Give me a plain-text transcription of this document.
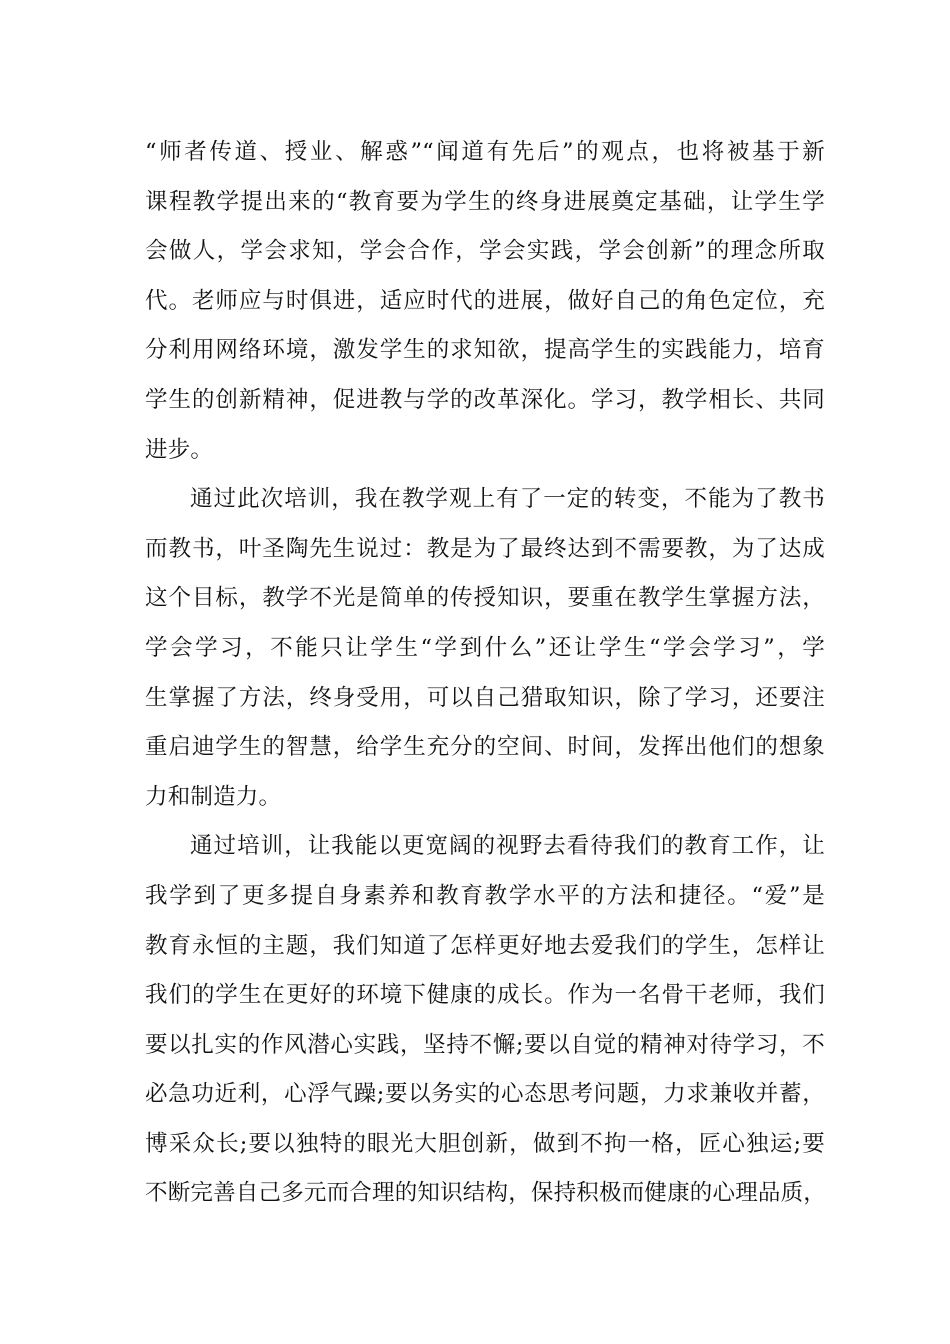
“师者传道、授业、解惑”“闻道有先后”的观点，也将被基于新
课程教学提出来的“教育要为学生的终身进展奠定基础，让学生学
会做人，学会求知，学会合作，学会实践，学会创新”的理念所取
代。老师应与时俱进，适应时代的进展，做好自己的角色定位，充
分利用网络环境，激发学生的求知欲，提高学生的实践能力，培育
学生的创新精神，促进教与学的改革深化。学习，教学相长、共同
进步。
通过此次培训，我在教学观上有了一定的转变，不能为了教书
而教书，叶圣陶先生说过：教是为了最终达到不需要教，为了达成
这个目标，教学不光是简单的传授知识，要重在教学生掌握方法，
学会学习，不能只让学生“学到什么”还让学生“学会学习”，学
生掌握了方法，终身受用，可以自己猎取知识，除了学习，还要注
重启迪学生的智慧，给学生充分的空间、时间，发挥出他们的想象
力和制造力。
通过培训，让我能以更宽阔的视野去看待我们的教育工作，让
我学到了更多提自身素养和教育教学水平的方法和捷径。“爱”是
教育永恒的主题，我们知道了怎样更好地去爱我们的学生，怎样让
我们的学生在更好的环境下健康的成长。作为一名骨干老师，我们
要以扎实的作风潜心实践，坚持不懈;要以自觉的精神对待学习，不
必急功近利，心浮气躁;要以务实的心态思考问题，力求兼收并蓄，
博采众长;要以独特的眼光大胆创新，做到不拘一格，匠心独运;要
不断完善自己多元而合理的知识结构，保持积极而健康的心理品质，
